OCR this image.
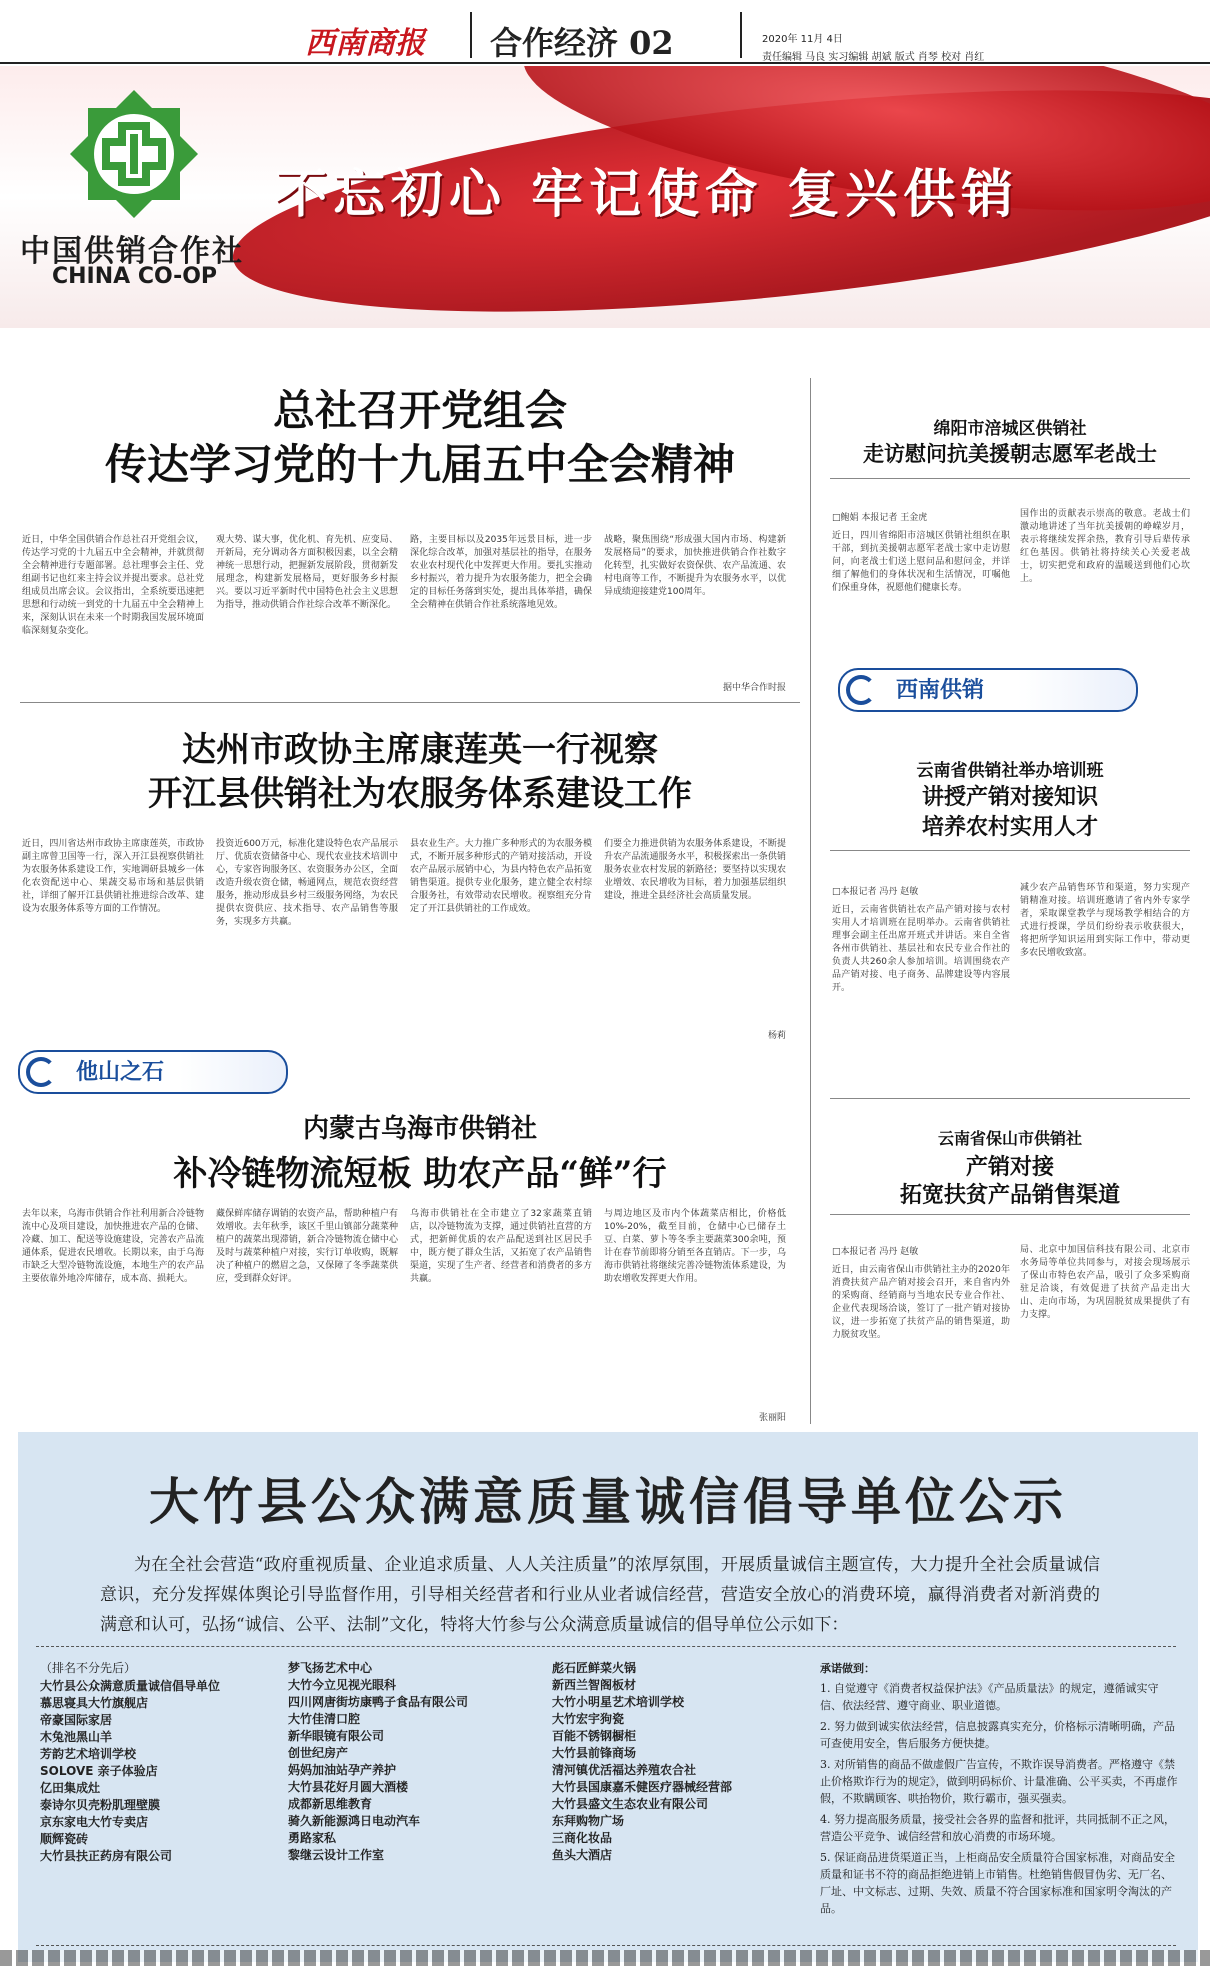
西南商报 合作经济 02	2020年 11月 4日
责任编辑 马良 实习编辑 胡斌 版式 肖琴 校对 肖红
中国供销合作社
CHINA CO-OP
不忘初心 牢记使命 复兴供销
总社召开党组会
传达学习党的十九届五中全会精神
近日，中华全国供销合作总社召开党组会议，传达学习党的十九届五中全会精神，并就贯彻全会精神进行专题部署。总社理事会主任、党组副书记也红来主持会议并提出要求。总社党组成员出席会议。会议指出，全系统要迅速把思想和行动统一到党的十九届五中全会精神上来，深刻认识在未来一个时期我国发展环境面临深刻复杂变化。
观大势、谋大事，优化机、育先机、应变局、开新局，充分调动各方面积极因素，以全会精神统一思想行动，把握新发展阶段，贯彻新发展理念，构建新发展格局，更好服务乡村振兴。要以习近平新时代中国特色社会主义思想为指导，推动供销合作社综合改革不断深化。
路，主要目标以及2035年远景目标，进一步深化综合改革，加强对基层社的指导，在服务农业农村现代化中发挥更大作用。要扎实推动乡村振兴，着力提升为农服务能力，把全会确定的目标任务落到实处，提出具体举措，确保全会精神在供销合作社系统落地见效。
战略，聚焦围绕“形成强大国内市场、构建新发展格局”的要求，加快推进供销合作社数字化转型，扎实做好农资保供、农产品流通、农村电商等工作，不断提升为农服务水平，以优异成绩迎接建党100周年。
据中华合作时报
达州市政协主席康莲英一行视察
开江县供销社为农服务体系建设工作
近日，四川省达州市政协主席康莲英，市政协副主席曾卫国等一行，深入开江县视察供销社为农服务体系建设工作，实地调研县城乡一体化农资配送中心、果蔬交易市场和基层供销社，详细了解开江县供销社推进综合改革、建设为农服务体系等方面的工作情况。
投资近600万元，标准化建设特色农产品展示厅、优质农资储备中心、现代农业技术培训中心，专家咨询服务区、农资服务办公区，全面改造升级农资仓储，畅通网点，规范农资经营服务，推动形成县乡村三级服务网络，为农民提供农资供应、技术指导、农产品销售等服务，实现多方共赢。
县农业生产。大力推广多种形式的为农服务模式，不断开展多种形式的产销对接活动，开设农产品展示展销中心，为县内特色农产品拓宽销售渠道。提供专业化服务，建立健全农村综合服务社，有效带动农民增收。视察组充分肯定了开江县供销社的工作成效。
们要全力推进供销为农服务体系建设，不断提升农产品流通服务水平，积极探索出一条供销服务农业农村发展的新路径；要坚持以实现农业增效、农民增收为目标，着力加强基层组织建设，推进全县经济社会高质量发展。
杨莉
他山之石
内蒙古乌海市供销社
补冷链物流短板 助农产品“鲜”行
去年以来，乌海市供销合作社利用新合冷链物流中心及项目建设，加快推进农产品的仓储、冷藏、加工、配送等设施建设，完善农产品流通体系，促进农民增收。长期以来，由于乌海市缺乏大型冷链物流设施，本地生产的农产品主要依靠外地冷库储存，成本高、损耗大。
藏保鲜库储存调销的农资产品，帮助种植户有效增收。去年秋季，该区千里山镇部分蔬菜种植户的蔬菜出现滞销，新合冷链物流仓储中心及时与蔬菜种植户对接，实行订单收购，既解决了种植户的燃眉之急，又保障了冬季蔬菜供应，受到群众好评。
乌海市供销社在全市建立了32家蔬菜直销店，以冷链物流为支撑，通过供销社直营的方式，把新鲜优质的农产品配送到社区居民手中，既方便了群众生活，又拓宽了农产品销售渠道，实现了生产者、经营者和消费者的多方共赢。
与周边地区及市内个体蔬菜店相比，价格低10%-20%，截至目前，仓储中心已储存土豆、白菜、萝卜等冬季主要蔬菜300余吨，预计在春节前即将分销至各直销店。下一步，乌海市供销社将继续完善冷链物流体系建设，为助农增收发挥更大作用。
张丽阳
绵阳市涪城区供销社
走访慰问抗美援朝志愿军老战士
□鲍娟 本报记者 王金虎
近日，四川省绵阳市涪城区供销社组织在职干部，到抗美援朝志愿军老战士家中走访慰问，向老战士们送上慰问品和慰问金，并详细了解他们的身体状况和生活情况，叮嘱他们保重身体，祝愿他们健康长寿。
国作出的贡献表示崇高的敬意。老战士们激动地讲述了当年抗美援朝的峥嵘岁月，表示将继续发挥余热，教育引导后辈传承红色基因。供销社将持续关心关爱老战士，切实把党和政府的温暖送到他们心坎上。
西南供销
云南省供销社举办培训班
讲授产销对接知识
培养农村实用人才
□本报记者 冯丹 赵敏
近日，云南省供销社农产品产销对接与农村实用人才培训班在昆明举办。云南省供销社理事会副主任出席开班式并讲话。来自全省各州市供销社、基层社和农民专业合作社的负责人共260余人参加培训。培训围绕农产品产销对接、电子商务、品牌建设等内容展开。
减少农产品销售环节和渠道，努力实现产销精准对接。培训班邀请了省内外专家学者，采取课堂教学与现场教学相结合的方式进行授课，学员们纷纷表示收获很大，将把所学知识运用到实际工作中，带动更多农民增收致富。
云南省保山市供销社
产销对接
拓宽扶贫产品销售渠道
□本报记者 冯丹 赵敏
近日，由云南省保山市供销社主办的2020年消费扶贫产品产销对接会召开，来自省内外的采购商、经销商与当地农民专业合作社、企业代表现场洽谈，签订了一批产销对接协议，进一步拓宽了扶贫产品的销售渠道，助力脱贫攻坚。
局、北京中加国信科技有限公司、北京市水务局等单位共同参与，对接会现场展示了保山市特色农产品，吸引了众多采购商驻足洽谈，有效促进了扶贫产品走出大山、走向市场，为巩固脱贫成果提供了有力支撑。
大竹县公众满意质量诚信倡导单位公示
为在全社会营造“政府重视质量、企业追求质量、人人关注质量”的浓厚氛围，开展质量诚信主题宣传，大力提升全社会质量诚信意识，充分发挥媒体舆论引导监督作用，引导相关经营者和行业从业者诚信经营，营造安全放心的消费环境，赢得消费者对新消费的满意和认可，弘扬“诚信、公平、法制”文化，特将大竹参与公众满意质量诚信的倡导单位公示如下：
（排名不分先后）
大竹县公众满意质量诚信倡导单位
慕思寝具大竹旗舰店
帝豪国际家居
木兔池黑山羊
芳韵艺术培训学校
SOLOVE 亲子体验店
亿田集成灶
泰诗尔贝壳粉肌理壁膜
京东家电大竹专卖店
顺辉瓷砖
大竹县扶正药房有限公司
梦飞扬艺术中心
大竹今立见视光眼科
四川网唐街坊康鸭子食品有限公司
大竹佳清口腔
新华眼镜有限公司
创世纪房产
妈妈加油站孕产养护
大竹县花好月圆大酒楼
成都新思维教育
骑久新能源鸿日电动汽车
勇路家私
黎继云设计工作室
彪石匠鲜菜火锅
新西兰智阁板材
大竹小明星艺术培训学校
大竹宏宇狗瓷
百能不锈钢橱柜
大竹县前锋商场
清河镇优活福达养殖农合社
大竹县国康嘉禾健医疗器械经营部
大竹县盛文生态农业有限公司
东拜购物广场
三商化妆品
鱼头大酒店
承诺做到：
1. 自觉遵守《消费者权益保护法》《产品质量法》的规定，遵循诚实守信、依法经营、遵守商业、职业道德。
2. 努力做到诚实依法经营，信息披露真实充分，价格标示清晰明确，产品可查使用安全，售后服务方便快捷。
3. 对所销售的商品不做虚假广告宣传，不欺诈误导消费者。严格遵守《禁止价格欺诈行为的规定》，做到明码标价、计量准确、公平买卖，不再虚作假，不欺瞒顾客、哄抬物价，欺行霸市，强买强卖。
4. 努力提高服务质量，接受社会各界的监督和批评，共同抵制不正之风，营造公平竞争、诚信经营和放心消费的市场环境。
5. 保证商品进货渠道正当，上柜商品安全质量符合国家标准，对商品安全质量和证书不符的商品拒绝进销上市销售。杜绝销售假冒伪劣、无厂名、厂址、中文标志、过期、失效、质量不符合国家标准和国家明令淘汰的产品。
